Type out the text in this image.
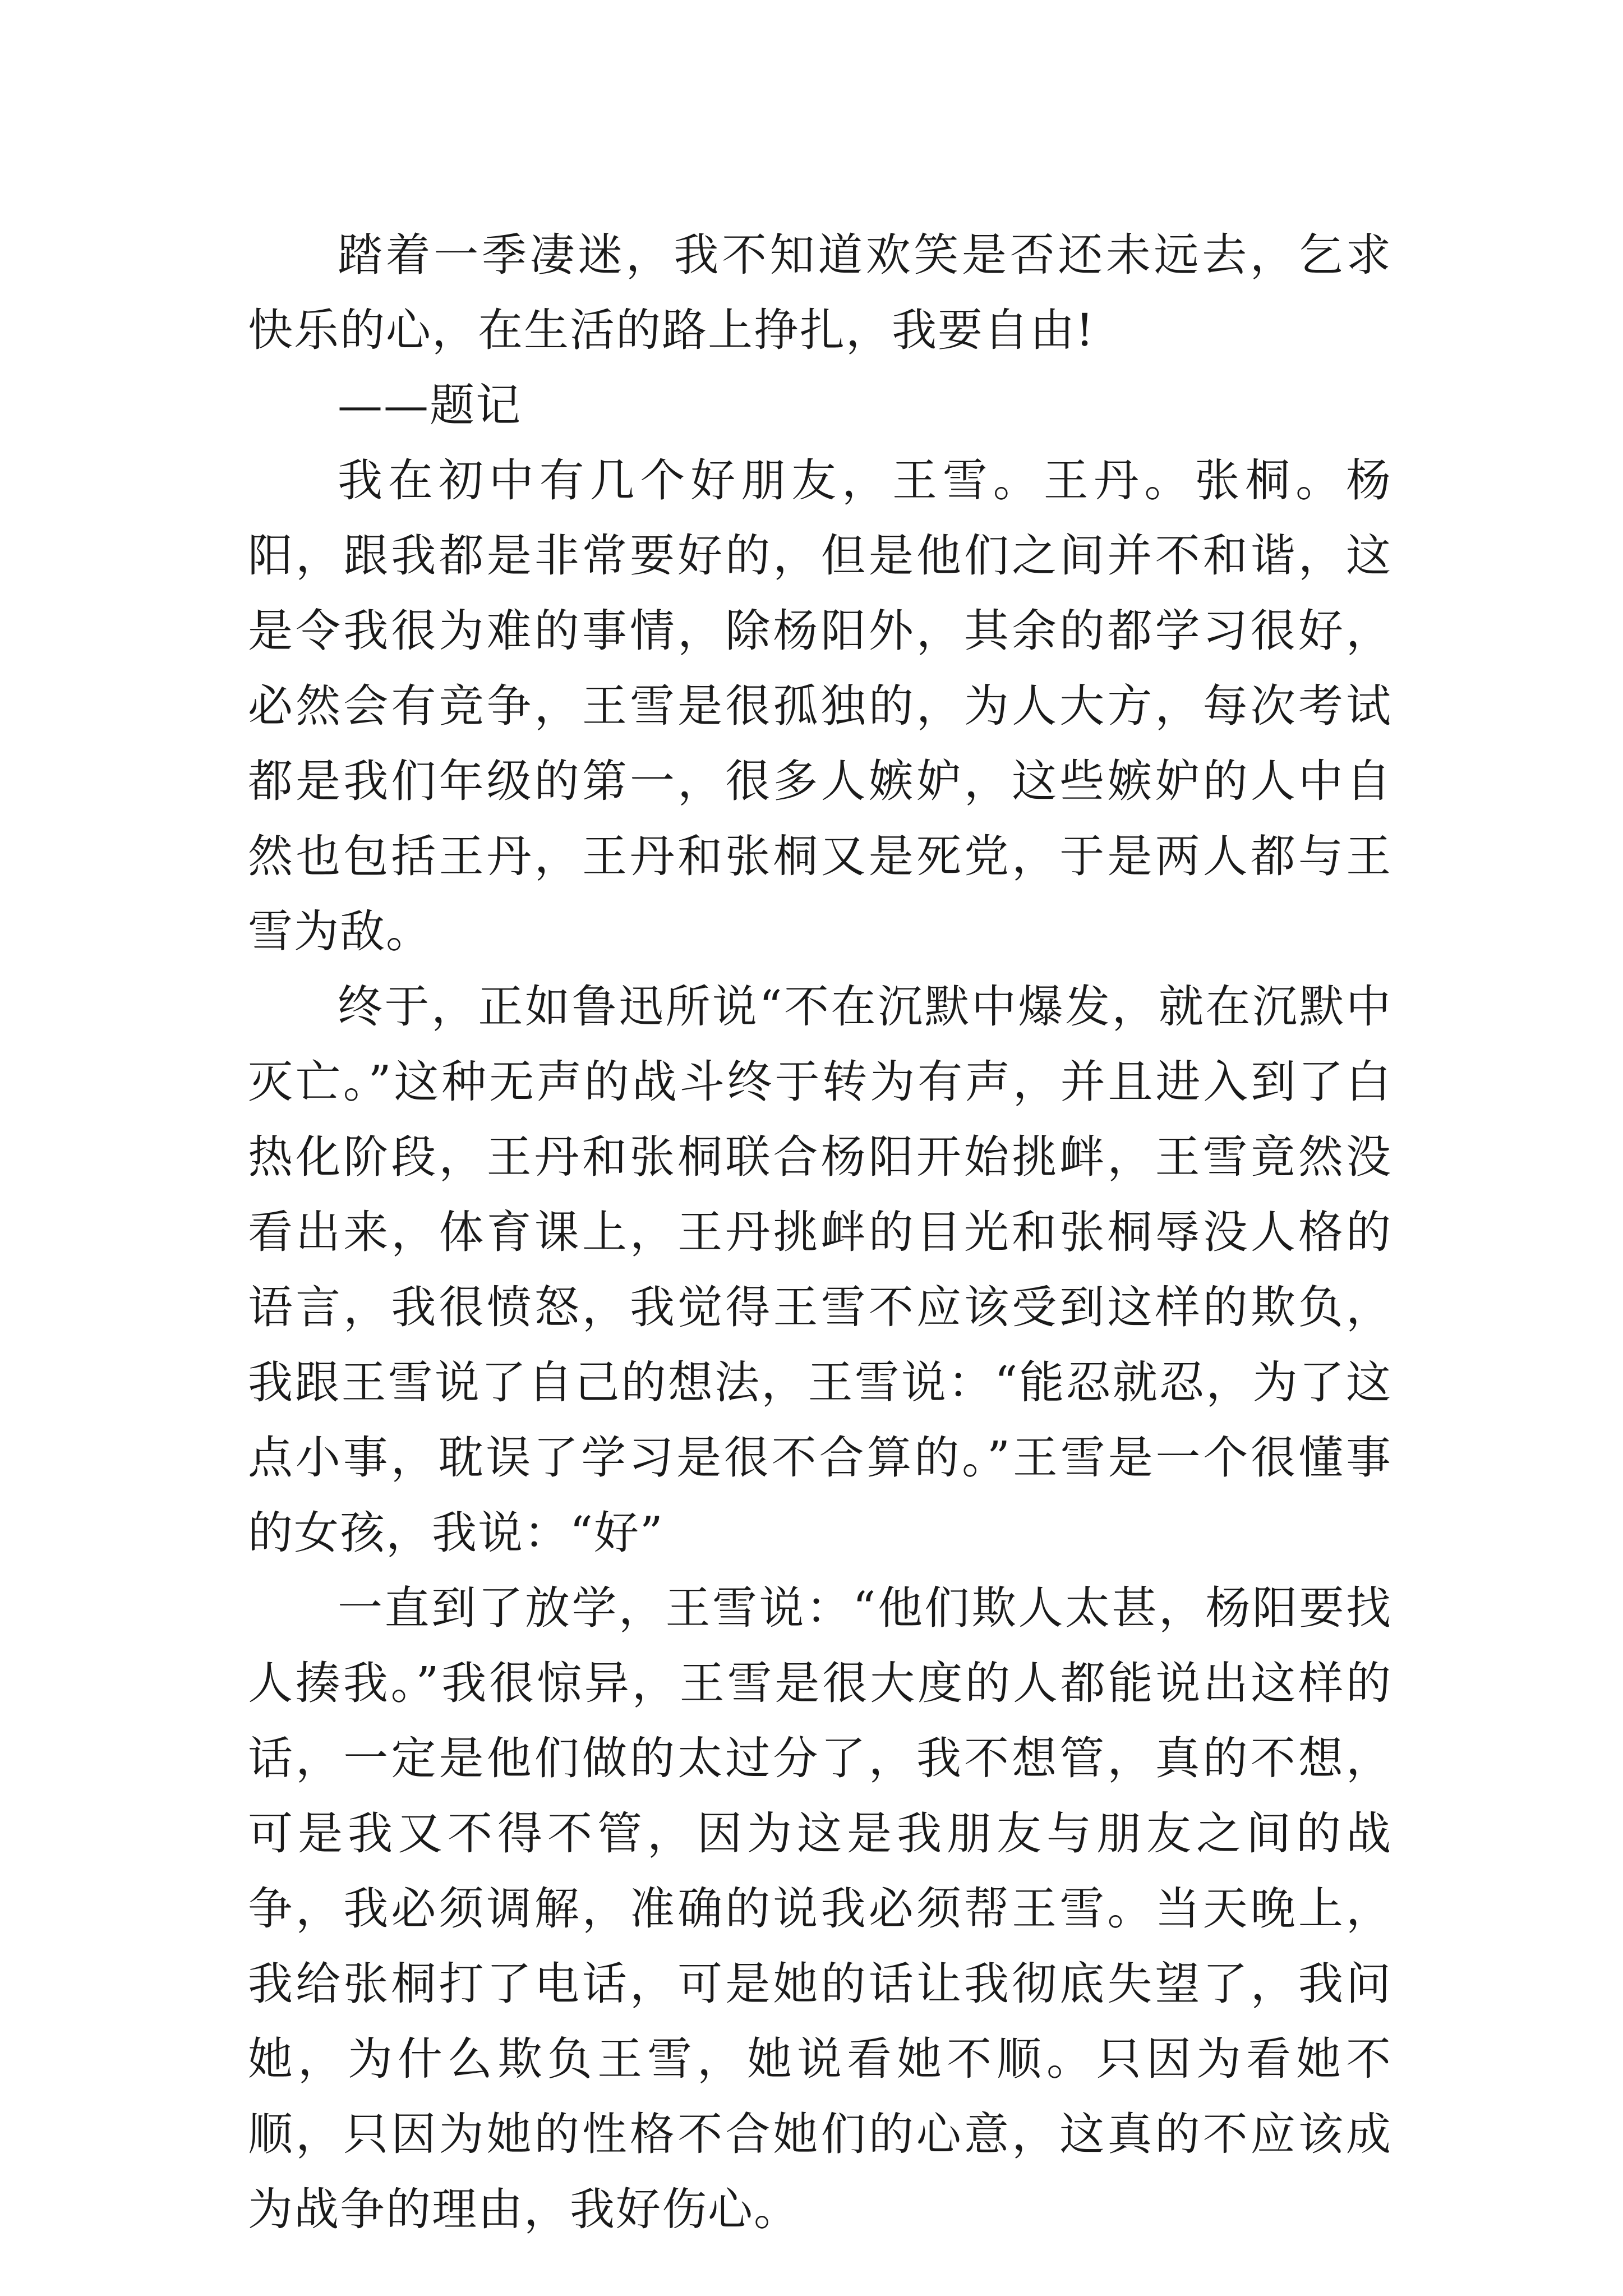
踏着一季凄迷，我不知道欢笑是否还未远去，乞求快乐的心，在生活的路上挣扎，我要自由!

——题记

我在初中有几个好朋友，王雪。王丹。张桐。杨阳，跟我都是非常要好的，但是他们之间并不和谐，这是令我很为难的事情，除杨阳外，其余的都学习很好，必然会有竞争，王雪是很孤独的，为人大方，每次考试都是我们年级的第一，很多人嫉妒，这些嫉妒的人中自然也包括王丹，王丹和张桐又是死党，于是两人都与王雪为敌。

终于，正如鲁迅所说“不在沉默中爆发，就在沉默中灭亡。”这种无声的战斗终于转为有声，并且进入到了白热化阶段，王丹和张桐联合杨阳开始挑衅，王雪竟然没看出来，体育课上，王丹挑衅的目光和张桐辱没人格的语言，我很愤怒，我觉得王雪不应该受到这样的欺负，我跟王雪说了自己的想法，王雪说：“能忍就忍，为了这点小事，耽误了学习是很不合算的。”王雪是一个很懂事的女孩，我说：“好”

一直到了放学，王雪说：“他们欺人太甚，杨阳要找人揍我。”我很惊异，王雪是很大度的人都能说出这样的话，一定是他们做的太过分了，我不想管，真的不想，可是我又不得不管，因为这是我朋友与朋友之间的战争，我必须调解，准确的说我必须帮王雪。当天晚上，我给张桐打了电话，可是她的话让我彻底失望了，我问她，为什么欺负王雪，她说看她不顺。只因为看她不顺，只因为她的性格不合她们的心意，这真的不应该成为战争的理由，我好伤心。
